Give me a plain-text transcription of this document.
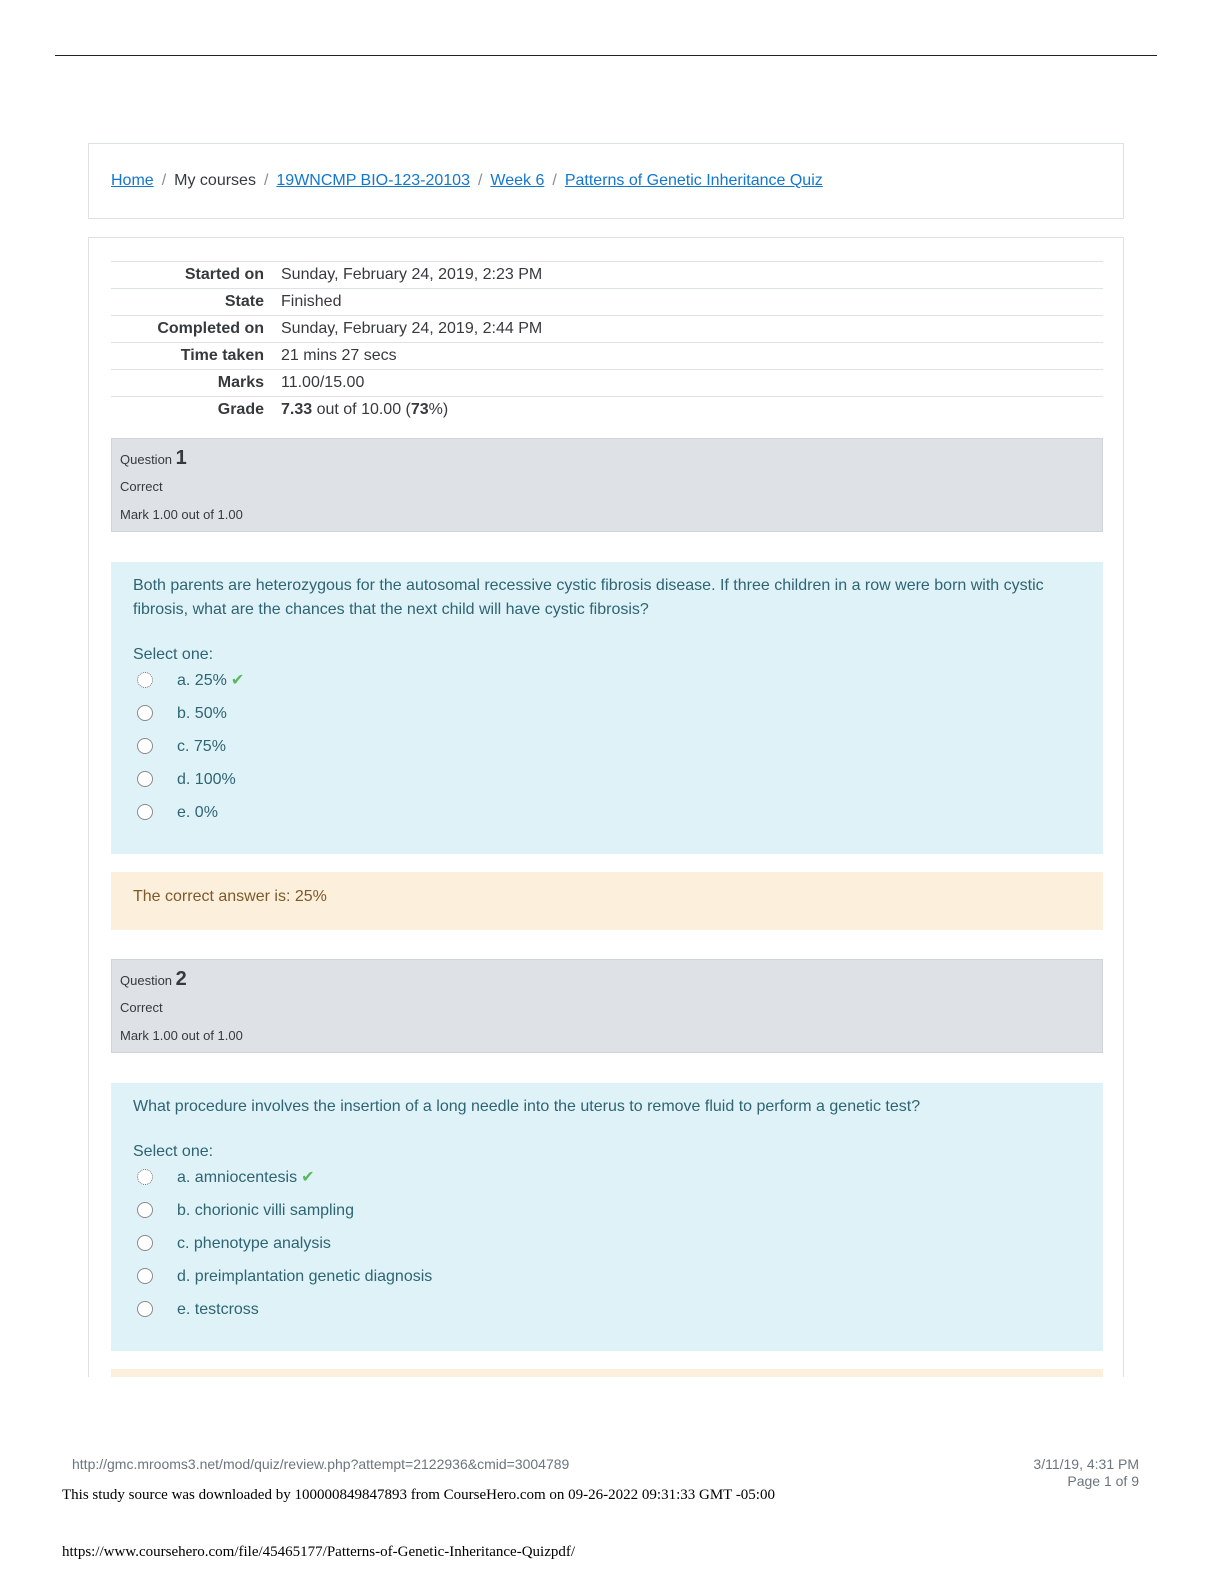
Home / My courses / 19WNCMP BIO-123-20103 / Week 6 / Patterns of Genetic Inheritance Quiz
Started on	Sunday, February 24, 2019, 2:23 PM
State	Finished
Completed on	Sunday, February 24, 2019, 2:44 PM
Time taken	21 mins 27 secs
Marks	11.00/15.00
Grade	7.33 out of 10.00 (73%)
Question 1
Correct
Mark 1.00 out of 1.00
Both parents are heterozygous for the autosomal recessive cystic fibrosis disease. If three children in a row were born with cystic fibrosis, what are the chances that the next child will have cystic fibrosis?
Select one:
a. 25% ✔
b. 50%
c. 75%
d. 100%
e. 0%
The correct answer is: 25%
Question 2
Correct
Mark 1.00 out of 1.00
What procedure involves the insertion of a long needle into the uterus to remove fluid to perform a genetic test?
Select one:
a. amniocentesis ✔
b. chorionic villi sampling
c. phenotype analysis
d. preimplantation genetic diagnosis
e. testcross
http://gmc.mrooms3.net/mod/quiz/review.php?attempt=2122936&cmid=3004789	3/11/19, 4:31 PM
Page 1 of 9
This study source was downloaded by 100000849847893 from CourseHero.com on 09-26-2022 09:31:33 GMT -05:00
https://www.coursehero.com/file/45465177/Patterns-of-Genetic-Inheritance-Quizpdf/
